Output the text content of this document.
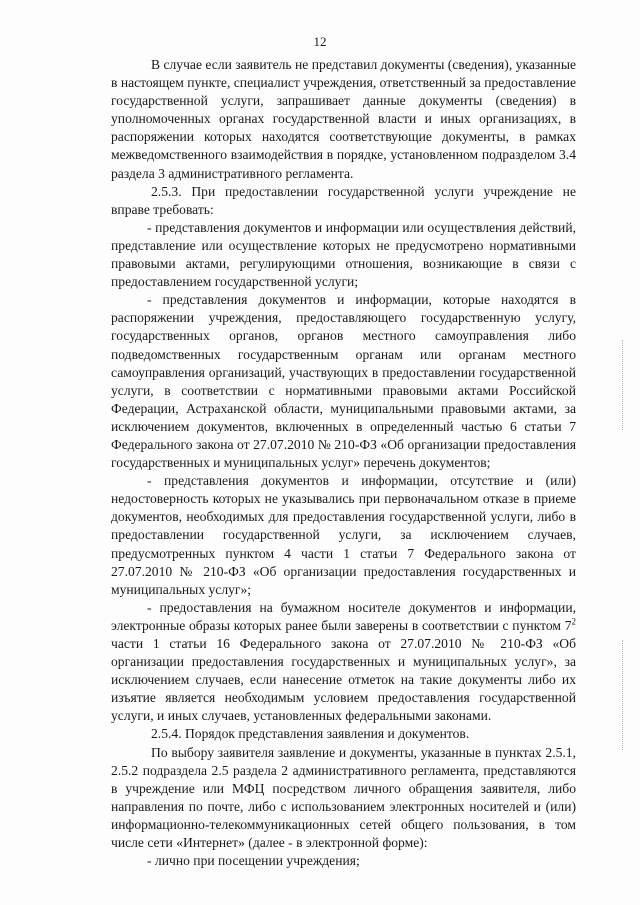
12

В случае если заявитель не представил документы (сведения), указанные в настоящем пункте, специалист учреждения, ответственный за предоставление государственной услуги, запрашивает данные документы (сведения) в уполномоченных органах государственной власти и иных организациях, в распоряжении которых находятся соответствующие документы, в рамках межведомственного взаимодействия в порядке, установленном подразделом 3.4 раздела 3 административного регламента.

2.5.3. При предоставлении государственной услуги учреждение не вправе требовать:

- представления документов и информации или осуществления действий, представление или осуществление которых не предусмотрено нормативными правовыми актами, регулирующими отношения, возникающие в связи с предоставлением государственной услуги;

- представления документов и информации, которые находятся в распоряжении учреждения, предоставляющего государственную услугу, государственных органов, органов местного самоуправления либо подведомственных государственным органам или органам местного самоуправления организаций, участвующих в предоставлении государственной услуги, в соответствии с нормативными правовыми актами Российской Федерации, Астраханской области, муниципальными правовыми актами, за исключением документов, включенных в определенный частью 6 статьи 7 Федерального закона от 27.07.2010 № 210-ФЗ «Об организации предоставления государственных и муниципальных услуг» перечень документов;

- представления документов и информации, отсутствие и (или) недостоверность которых не указывались при первоначальном отказе в приеме документов, необходимых для предоставления государственной услуги, либо в предоставлении государственной услуги, за исключением случаев, предусмотренных пунктом 4 части 1 статьи 7 Федерального закона от 27.07.2010 № 210-ФЗ «Об организации предоставления государственных и муниципальных услуг»;

- предоставления на бумажном носителе документов и информации, электронные образы которых ранее были заверены в соответствии с пунктом $7^2$ части 1 статьи 16 Федерального закона от 27.07.2010 № 210-ФЗ «Об организации предоставления государственных и муниципальных услуг», за исключением случаев, если нанесение отметок на такие документы либо их изъятие является необходимым условием предоставления государственной услуги, и иных случаев, установленных федеральными законами.

2.5.4. Порядок представления заявления и документов.

По выбору заявителя заявление и документы, указанные в пунктах 2.5.1, 2.5.2 подраздела 2.5 раздела 2 административного регламента, представляются в учреждение или МФЦ посредством личного обращения заявителя, либо направления по почте, либо с использованием электронных носителей и (или) информационно-телекоммуникационных сетей общего пользования, в том числе сети «Интернет» (далее - в электронной форме):

- лично при посещении учреждения;
